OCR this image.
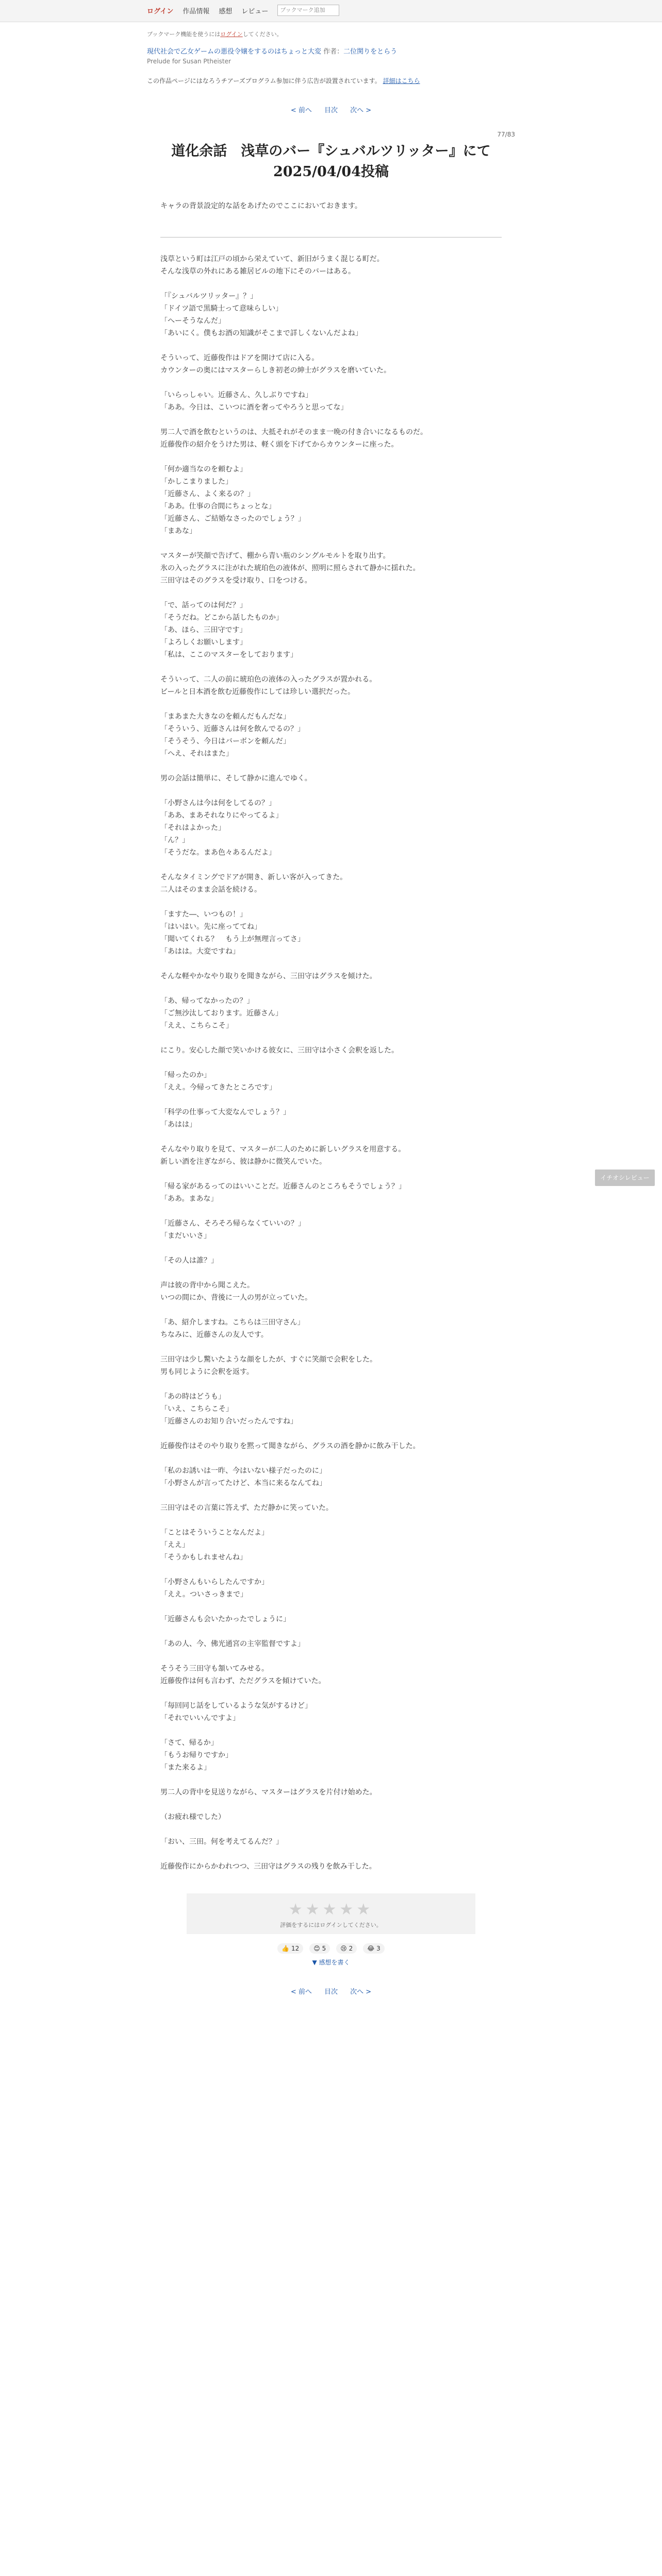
ログイン 作品情報 感想 レビュー	ブックマーク追加
ブックマーク機能を使うにはログインしてください。
現代社会で乙女ゲームの悪役令嬢をするのはちょっと大変 作者：二位関りをとらう
Prelude for Susan Ptheister
この作品ページにはなろうチアーズプログラム参加に伴う広告が設置されています。 詳細はこちら
< 前へ 目次 次へ >
77/83
道化余話　浅草のバー『シュバルツリッター』にて
2025/04/04投稿
キャラの背景設定的な話をあげたのでここにおいておきます。

浅草という町は江戸の頃から栄えていて、新旧がうまく混じる町だ。
そんな浅草の外れにある雑居ビルの地下にそのバーはある。

「『シュバルツリッター』？」
「ドイツ語で黒騎士って意味らしい」
「へーそうなんだ」
「あいにく。僕もお酒の知識がそこまで詳しくないんだよね」

そういって、近藤俊作はドアを開けて店に入る。
カウンターの奥にはマスターらしき初老の紳士がグラスを磨いていた。

「いらっしゃい。近藤さん、久しぶりですね」
「ああ。今日は、こいつに酒を奢ってやろうと思ってな」

男二人で酒を飲むというのは、大抵それがそのまま一晩の付き合いになるものだ。
近藤俊作の紹介をうけた男は、軽く頭を下げてからカウンターに座った。

「何か適当なのを頼むよ」
「かしこまりました」
「近藤さん、よく来るの？」
「ああ。仕事の合間にちょっとな」
「近藤さん、ご結婚なさったのでしょう？」
「まあな」

マスターが笑顔で告げて、棚から青い瓶のシングルモルトを取り出す。
氷の入ったグラスに注がれた琥珀色の液体が、照明に照らされて静かに揺れた。
三田守はそのグラスを受け取り、口をつける。

「で、話ってのは何だ？」
「そうだね。どこから話したものか」
「あ、ほら、三田守です」
「よろしくお願いします」
「私は、ここのマスターをしております」

そういって、二人の前に琥珀色の液体の入ったグラスが置かれる。
ビールと日本酒を飲む近藤俊作にしては珍しい選択だった。

「まあまた大きなのを頼んだもんだな」
「そういう、近藤さんは何を飲んでるの？」
「そうそう、今日はバーボンを頼んだ」
「へえ、それはまた」

男の会話は簡単に、そして静かに進んでゆく。

「小野さんは今は何をしてるの？」
「ああ、まあそれなりにやってるよ」
「それはよかった」
「ん？」
「そうだな。まあ色々あるんだよ」

そんなタイミングでドアが開き、新しい客が入ってきた。
二人はそのまま会話を続ける。

「ますた―、いつもの！」
「はいはい。先に座っててね」
「聞いてくれる？　もう上が無理言ってさ」
「あはは。大変ですね」

そんな軽やかなやり取りを聞きながら、三田守はグラスを傾けた。

「あ、帰ってなかったの？」
「ご無沙汰しております。近藤さん」
「ええ、こちらこそ」

にこり。安心した顔で笑いかける彼女に、三田守は小さく会釈を返した。

「帰ったのか」
「ええ。今帰ってきたところです」

「科学の仕事って大変なんでしょう？」
「あはは」

そんなやり取りを見て、マスターが二人のために新しいグラスを用意する。
新しい酒を注ぎながら、彼は静かに微笑んでいた。

「帰る家があるってのはいいことだ。近藤さんのところもそうでしょう？」
「ああ。まあな」

「近藤さん、そろそろ帰らなくていいの？」
「まだいいさ」

「その人は誰？」

声は彼の背中から聞こえた。
いつの間にか、背後に一人の男が立っていた。

「あ、紹介しますね。こちらは三田守さん」
ちなみに、近藤さんの友人です。

三田守は少し驚いたような顔をしたが、すぐに笑顔で会釈をした。
男も同じように会釈を返す。

「あの時はどうも」
「いえ、こちらこそ」
「近藤さんのお知り合いだったんですね」

近藤俊作はそのやり取りを黙って聞きながら、グラスの酒を静かに飲み干した。

「私のお誘いは一昨、今はいない様子だったのに」
「小野さんが言ってたけど、本当に来るなんてね」

三田守はその言葉に答えず、ただ静かに笑っていた。

「ことはそういうことなんだよ」
「ええ」
「そうかもしれませんね」

「小野さんもいらしたんですか」
「ええ。ついさっきまで」

「近藤さんも会いたかったでしょうに」

「あの人、今、佛光通宮の主宰監督ですよ」

そうそう三田守も頷いてみせる。
近藤俊作は何も言わず、ただグラスを傾けていた。

「毎回同じ話をしているような気がするけど」
「それでいいんですよ」

「さて、帰るか」
「もうお帰りですか」
「また来るよ」

男二人の背中を見送りながら、マスターはグラスを片付け始めた。

（お疲れ様でした）

「おい、三田。何を考えてるんだ？」

近藤俊作にからかわれつつ、三田守はグラスの残りを飲み干した。

★★★★★
評価をするにはログインしてください。
👍 12 😊 5 😢 2 😂 3
▼ 感想を書く
< 前へ 目次 次へ >
イチオシレビュー
